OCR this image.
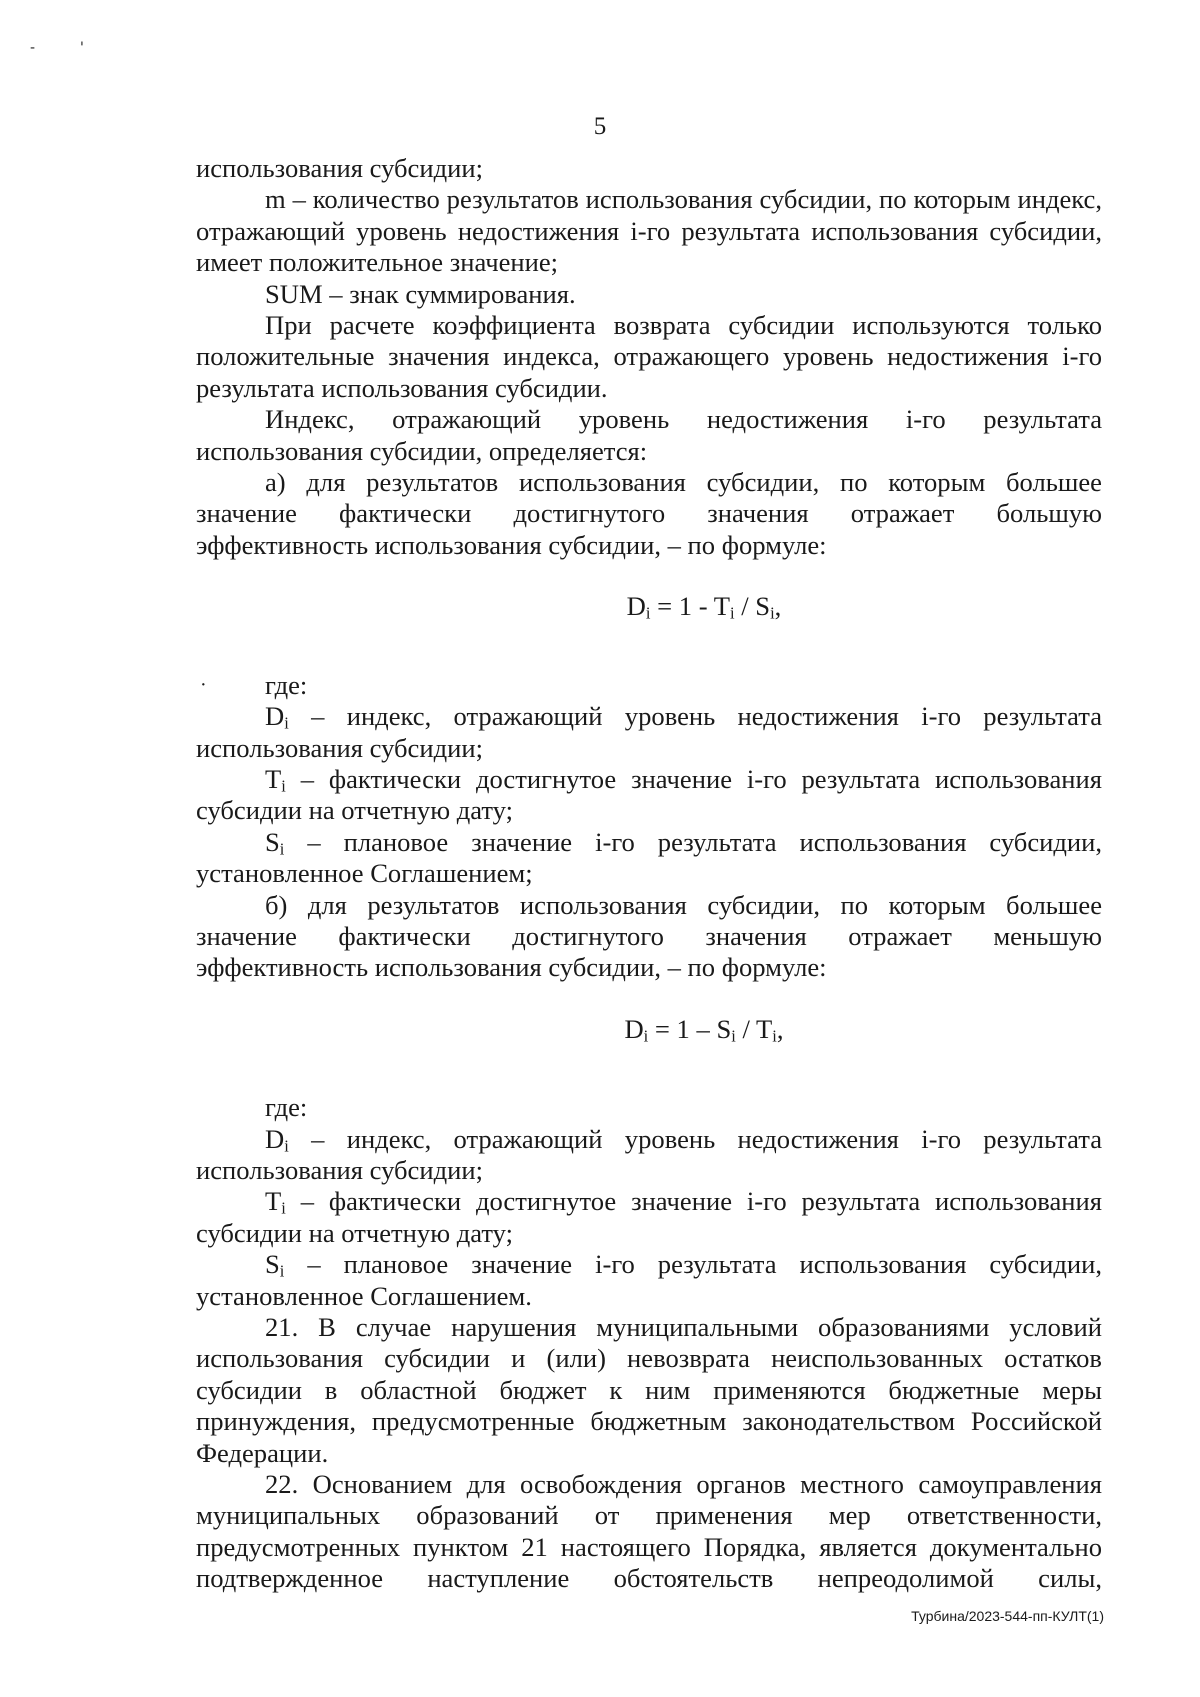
-	'
5

использования субсидии;

m – количество результатов использования субсидии, по которым индекс, отражающий уровень недостижения i-го результата использования субсидии, имеет положительное значение;

SUM – знак суммирования.

При расчете коэффициента возврата субсидии используются только положительные значения индекса, отражающего уровень недостижения i-го результата использования субсидии.

Индекс, отражающий уровень недостижения i-го результата использования субсидии, определяется:

а) для результатов использования субсидии, по которым большее значение фактически достигнутого значения отражает большую эффективность использования субсидии, – по формуле:

$D_i = 1 - T_i / S_i$,

· где:

$D_i$ – индекс, отражающий уровень недостижения i-го результата использования субсидии;

$T_i$ – фактически достигнутое значение i-го результата использования субсидии на отчетную дату;

$S_i$ – плановое значение i-го результата использования субсидии, установленное Соглашением;

б) для результатов использования субсидии, по которым большее значение фактически достигнутого значения отражает меньшую эффективность использования субсидии, – по формуле:

$D_i = 1 - S_i / T_i$,

где:

$D_i$ – индекс, отражающий уровень недостижения i-го результата использования субсидии;

$T_i$ – фактически достигнутое значение i-го результата использования субсидии на отчетную дату;

$S_i$ – плановое значение i-го результата использования субсидии, установленное Соглашением.

21. В случае нарушения муниципальными образованиями условий использования субсидии и (или) невозврата неиспользованных остатков субсидии в областной бюджет к ним применяются бюджетные меры принуждения, предусмотренные бюджетным законодательством Российской Федерации.

22. Основанием для освобождения органов местного самоуправления муниципальных образований от применения мер ответственности, предусмотренных пунктом 21 настоящего Порядка, является документально подтвержденное наступление обстоятельств непреодолимой силы,

Турбина/2023-544-пп-КУЛТ(1)
